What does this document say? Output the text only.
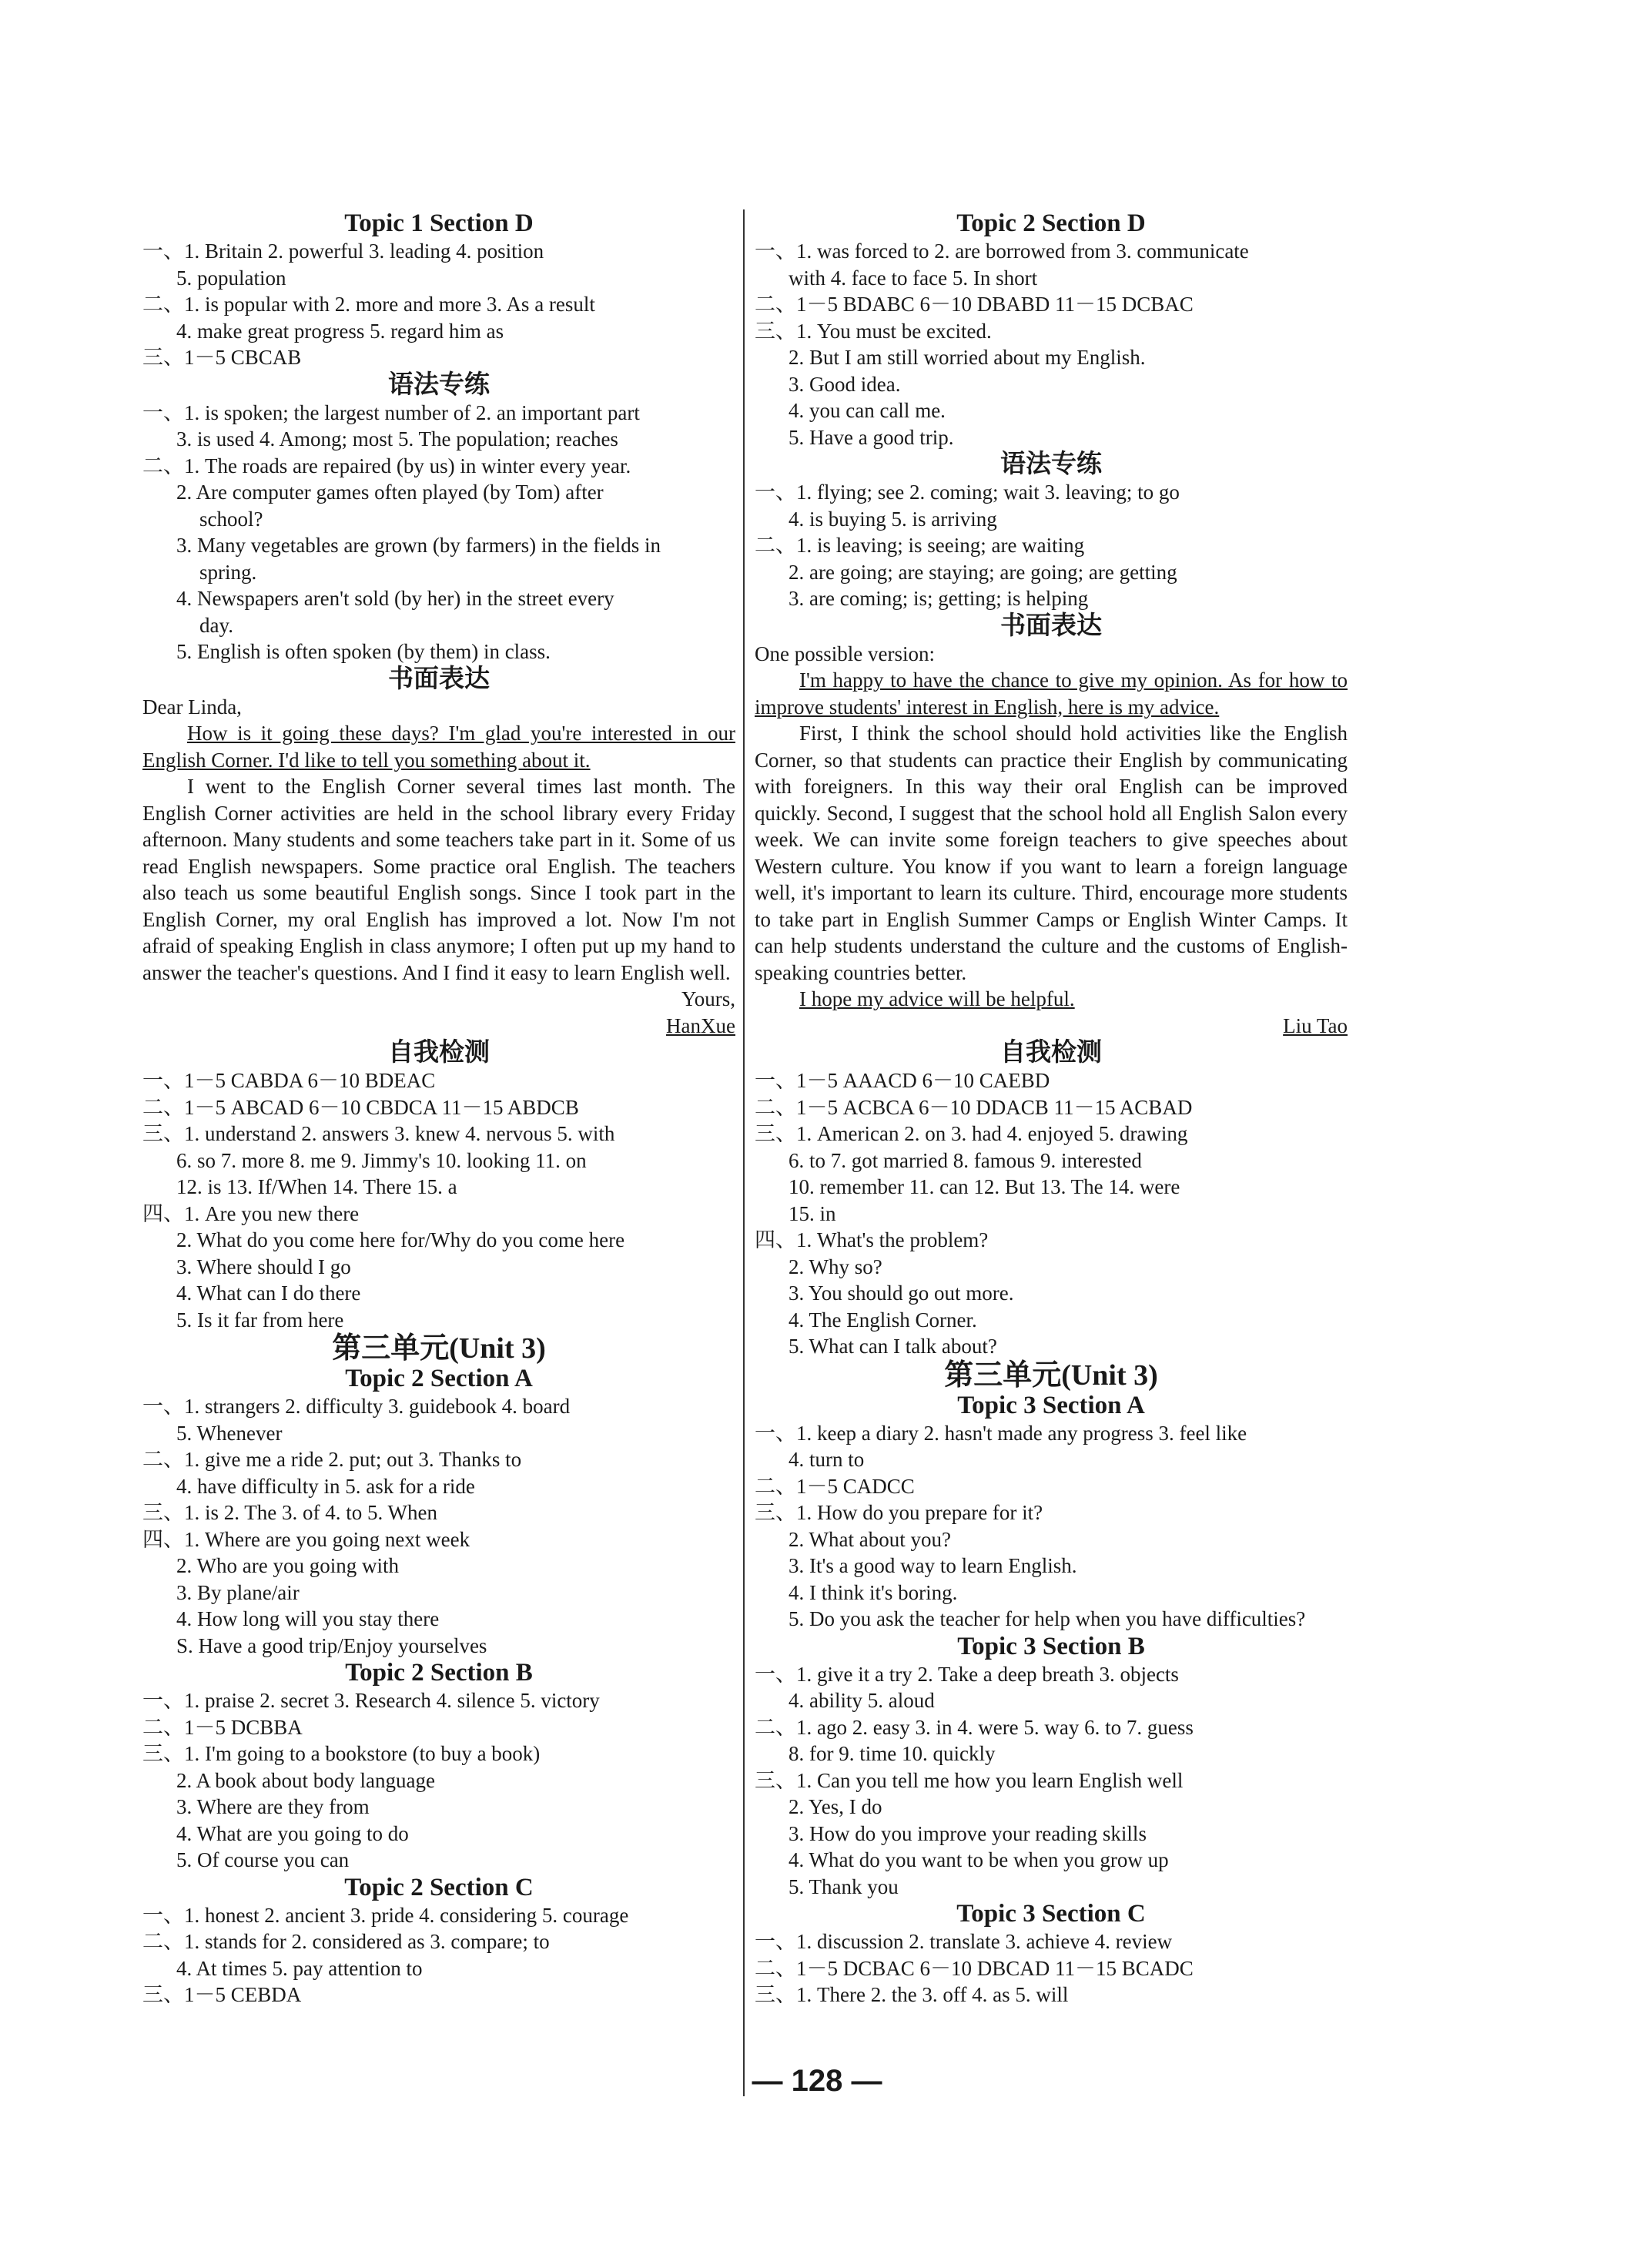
Topic 1 Section D
一、1. Britain 2. powerful 3. leading 4. position
5. population
二、1. is popular with 2. more and more 3. As a result
4. make great progress 5. regard him as
三、1－5 CBCAB
语法专练
一、1. is spoken; the largest number of 2. an important part
3. is used 4. Among; most 5. The population; reaches
二、1. The roads are repaired (by us) in winter every year.
2. Are computer games often played (by Tom) after
school?
3. Many vegetables are grown (by farmers) in the fields in
spring.
4. Newspapers aren't sold (by her) in the street every
day.
5. English is often spoken (by them) in class.
书面表达
Dear Linda,

How is it going these days? I'm glad you're interested in our English Corner. I'd like to tell you something about it.

I went to the English Corner several times last month. The English Corner activities are held in the school library every Friday afternoon. Many students and some teachers take part in it. Some of us read English newspapers. Some practice oral English. The teachers also teach us some beautiful English songs. Since I took part in the English Corner, my oral English has improved a lot. Now I'm not afraid of speaking English in class anymore; I often put up my hand to answer the teacher's questions. And I find it easy to learn English well.

Yours,
HanXue
自我检测
一、1－5 CABDA 6－10 BDEAC
二、1－5 ABCAD 6－10 CBDCA 11－15 ABDCB
三、1. understand 2. answers 3. knew 4. nervous 5. with
6. so 7. more 8. me 9. Jimmy's 10. looking 11. on
12. is 13. If/When 14. There 15. a
四、1. Are you new there
2. What do you come here for/Why do you come here
3. Where should I go
4. What can I do there
5. Is it far from here
第三单元(Unit 3)
Topic 2 Section A
一、1. strangers 2. difficulty 3. guidebook 4. board
5. Whenever
二、1. give me a ride 2. put; out 3. Thanks to
4. have difficulty in 5. ask for a ride
三、1. is 2. The 3. of 4. to 5. When
四、1. Where are you going next week
2. Who are you going with
3. By plane/air
4. How long will you stay there
S. Have a good trip/Enjoy yourselves
Topic 2 Section B
一、1. praise 2. secret 3. Research 4. silence 5. victory
二、1－5 DCBBA
三、1. I'm going to a bookstore (to buy a book)
2. A book about body language
3. Where are they from
4. What are you going to do
5. Of course you can
Topic 2 Section C
一、1. honest 2. ancient 3. pride 4. considering 5. courage
二、1. stands for 2. considered as 3. compare; to
4. At times 5. pay attention to
三、1－5 CEBDA
Topic 2 Section D
一、1. was forced to 2. are borrowed from 3. communicate
with 4. face to face 5. In short
二、1－5 BDABC 6－10 DBABD 11－15 DCBAC
三、1. You must be excited.
2. But I am still worried about my English.
3. Good idea.
4. you can call me.
5. Have a good trip.
语法专练
一、1. flying; see 2. coming; wait 3. leaving; to go
4. is buying 5. is arriving
二、1. is leaving; is seeing; are waiting
2. are going; are staying; are going; are getting
3. are coming; is; getting; is helping
书面表达
One possible version:

I'm happy to have the chance to give my opinion. As for how to improve students' interest in English, here is my advice.

First, I think the school should hold activities like the English Corner, so that students can practice their English by communicating with foreigners. In this way their oral English can be improved quickly. Second, I suggest that the school hold all English Salon every week. We can invite some foreign teachers to give speeches about Western culture. You know if you want to learn a foreign language well, it's important to learn its culture. Third, encourage more students to take part in English Summer Camps or English Winter Camps. It can help students understand the culture and the customs of English-speaking countries better.

I hope my advice will be helpful.

Liu Tao
自我检测
一、1－5 AAACD 6－10 CAEBD
二、1－5 ACBCA 6－10 DDACB 11－15 ACBAD
三、1. American 2. on 3. had 4. enjoyed 5. drawing
6. to 7. got married 8. famous 9. interested
10. remember 11. can 12. But 13. The 14. were
15. in
四、1. What's the problem?
2. Why so?
3. You should go out more.
4. The English Corner.
5. What can I talk about?
第三单元(Unit 3)
Topic 3 Section A
一、1. keep a diary 2. hasn't made any progress 3. feel like
4. turn to
二、1－5 CADCC
三、1. How do you prepare for it?
2. What about you?
3. It's a good way to learn English.
4. I think it's boring.
5. Do you ask the teacher for help when you have difficulties?
Topic 3 Section B
一、1. give it a try 2. Take a deep breath 3. objects
4. ability 5. aloud
二、1. ago 2. easy 3. in 4. were 5. way 6. to 7. guess
8. for 9. time 10. quickly
三、1. Can you tell me how you learn English well
2. Yes, I do
3. How do you improve your reading skills
4. What do you want to be when you grow up
5. Thank you
Topic 3 Section C
一、1. discussion 2. translate 3. achieve 4. review
二、1－5 DCBAC 6－10 DBCAD 11－15 BCADC
三、1. There 2. the 3. off 4. as 5. will
— 128 —
